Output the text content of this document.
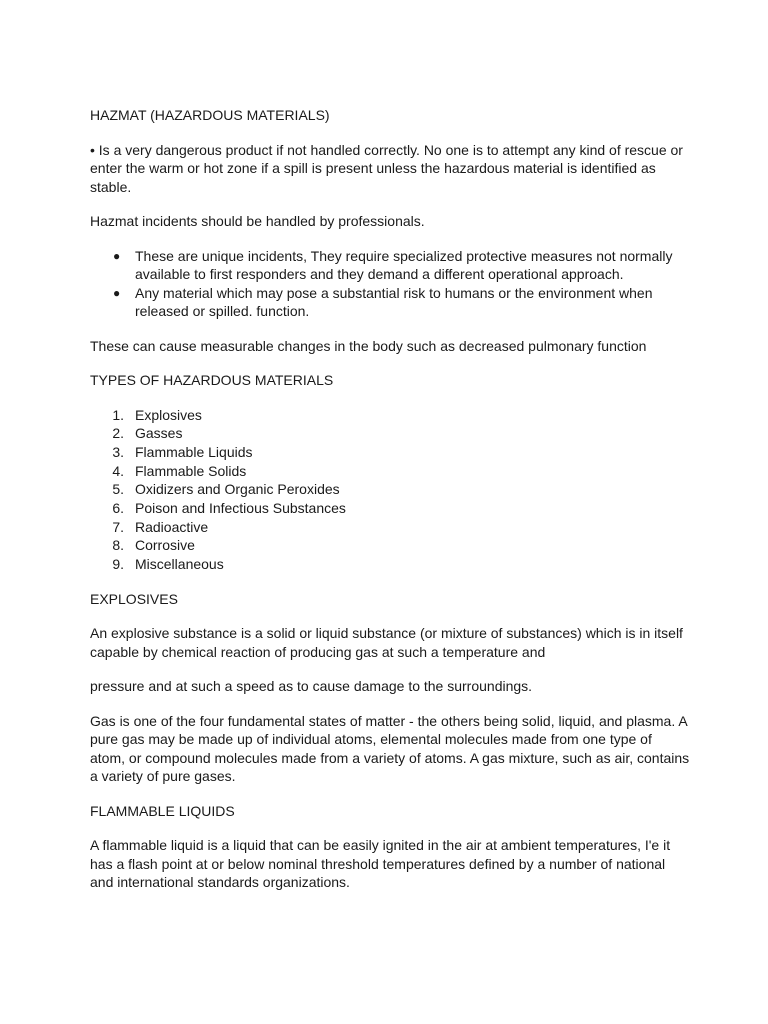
HAZMAT (HAZARDOUS MATERIALS)

• Is a very dangerous product if not handled correctly. No one is to attempt any kind of rescue or enter the warm or hot zone if a spill is present unless the hazardous material is identified as stable.

Hazmat incidents should be handled by professionals.

● These are unique incidents, They require specialized protective measures not normally available to first responders and they demand a different operational approach.
● Any material which may pose a substantial risk to humans or the environment when released or spilled. function.

These can cause measurable changes in the body such as decreased pulmonary function

TYPES OF HAZARDOUS MATERIALS

1. Explosives
2. Gasses
3. Flammable Liquids
4. Flammable Solids
5. Oxidizers and Organic Peroxides
6. Poison and Infectious Substances
7. Radioactive
8. Corrosive
9. Miscellaneous

EXPLOSIVES

An explosive substance is a solid or liquid substance (or mixture of substances) which is in itself capable by chemical reaction of producing gas at such a temperature and

pressure and at such a speed as to cause damage to the surroundings.

Gas is one of the four fundamental states of matter - the others being solid, liquid, and plasma. A pure gas may be made up of individual atoms, elemental molecules made from one type of atom, or compound molecules made from a variety of atoms. A gas mixture, such as air, contains a variety of pure gases.

FLAMMABLE LIQUIDS

A flammable liquid is a liquid that can be easily ignited in the air at ambient temperatures, I'e it has a flash point at or below nominal threshold temperatures defined by a number of national and international standards organizations.
